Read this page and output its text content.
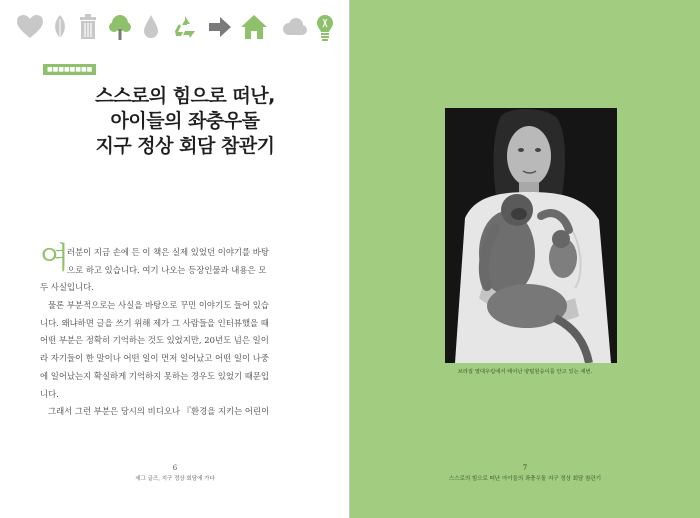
■■■■■■■■
스스로의 힘으로 떠난,
아이들의 좌충우돌
지구 정상 회담 참관기
여
러분이 지금 손에 든 이 책은 실제 있었던 이야기를 바탕
으로 하고 있습니다. 여기 나오는 등장인물과 내용은 모
두 사실입니다.
물론 부분적으로는 사실을 바탕으로 꾸민 이야기도 들어 있습
니다. 왜냐하면 글을 쓰기 위해 제가 그 사람들을 인터뷰했을 때
어떤 부분은 정확히 기억하는 것도 있었지만, 20년도 넘은 일이
라 자기들이 한 말이나 어떤 일이 먼저 일어났고 어떤 일이 나중
에 일어났는지 확실하게 기억하지 못하는 경우도 있었기 때문입
니다.
그래서 그런 부분은 당시의 비디오나 『환경을 지키는 어린이
6
세그 글즈, 지구 정상 회담에 가다
브라질 열대우림에서 태어난 양털원숭이를 안고 있는 세번.
7
스스로의 힘으로 떠난 아이들의 좌충우돌 지구 정상 회담 참관기
